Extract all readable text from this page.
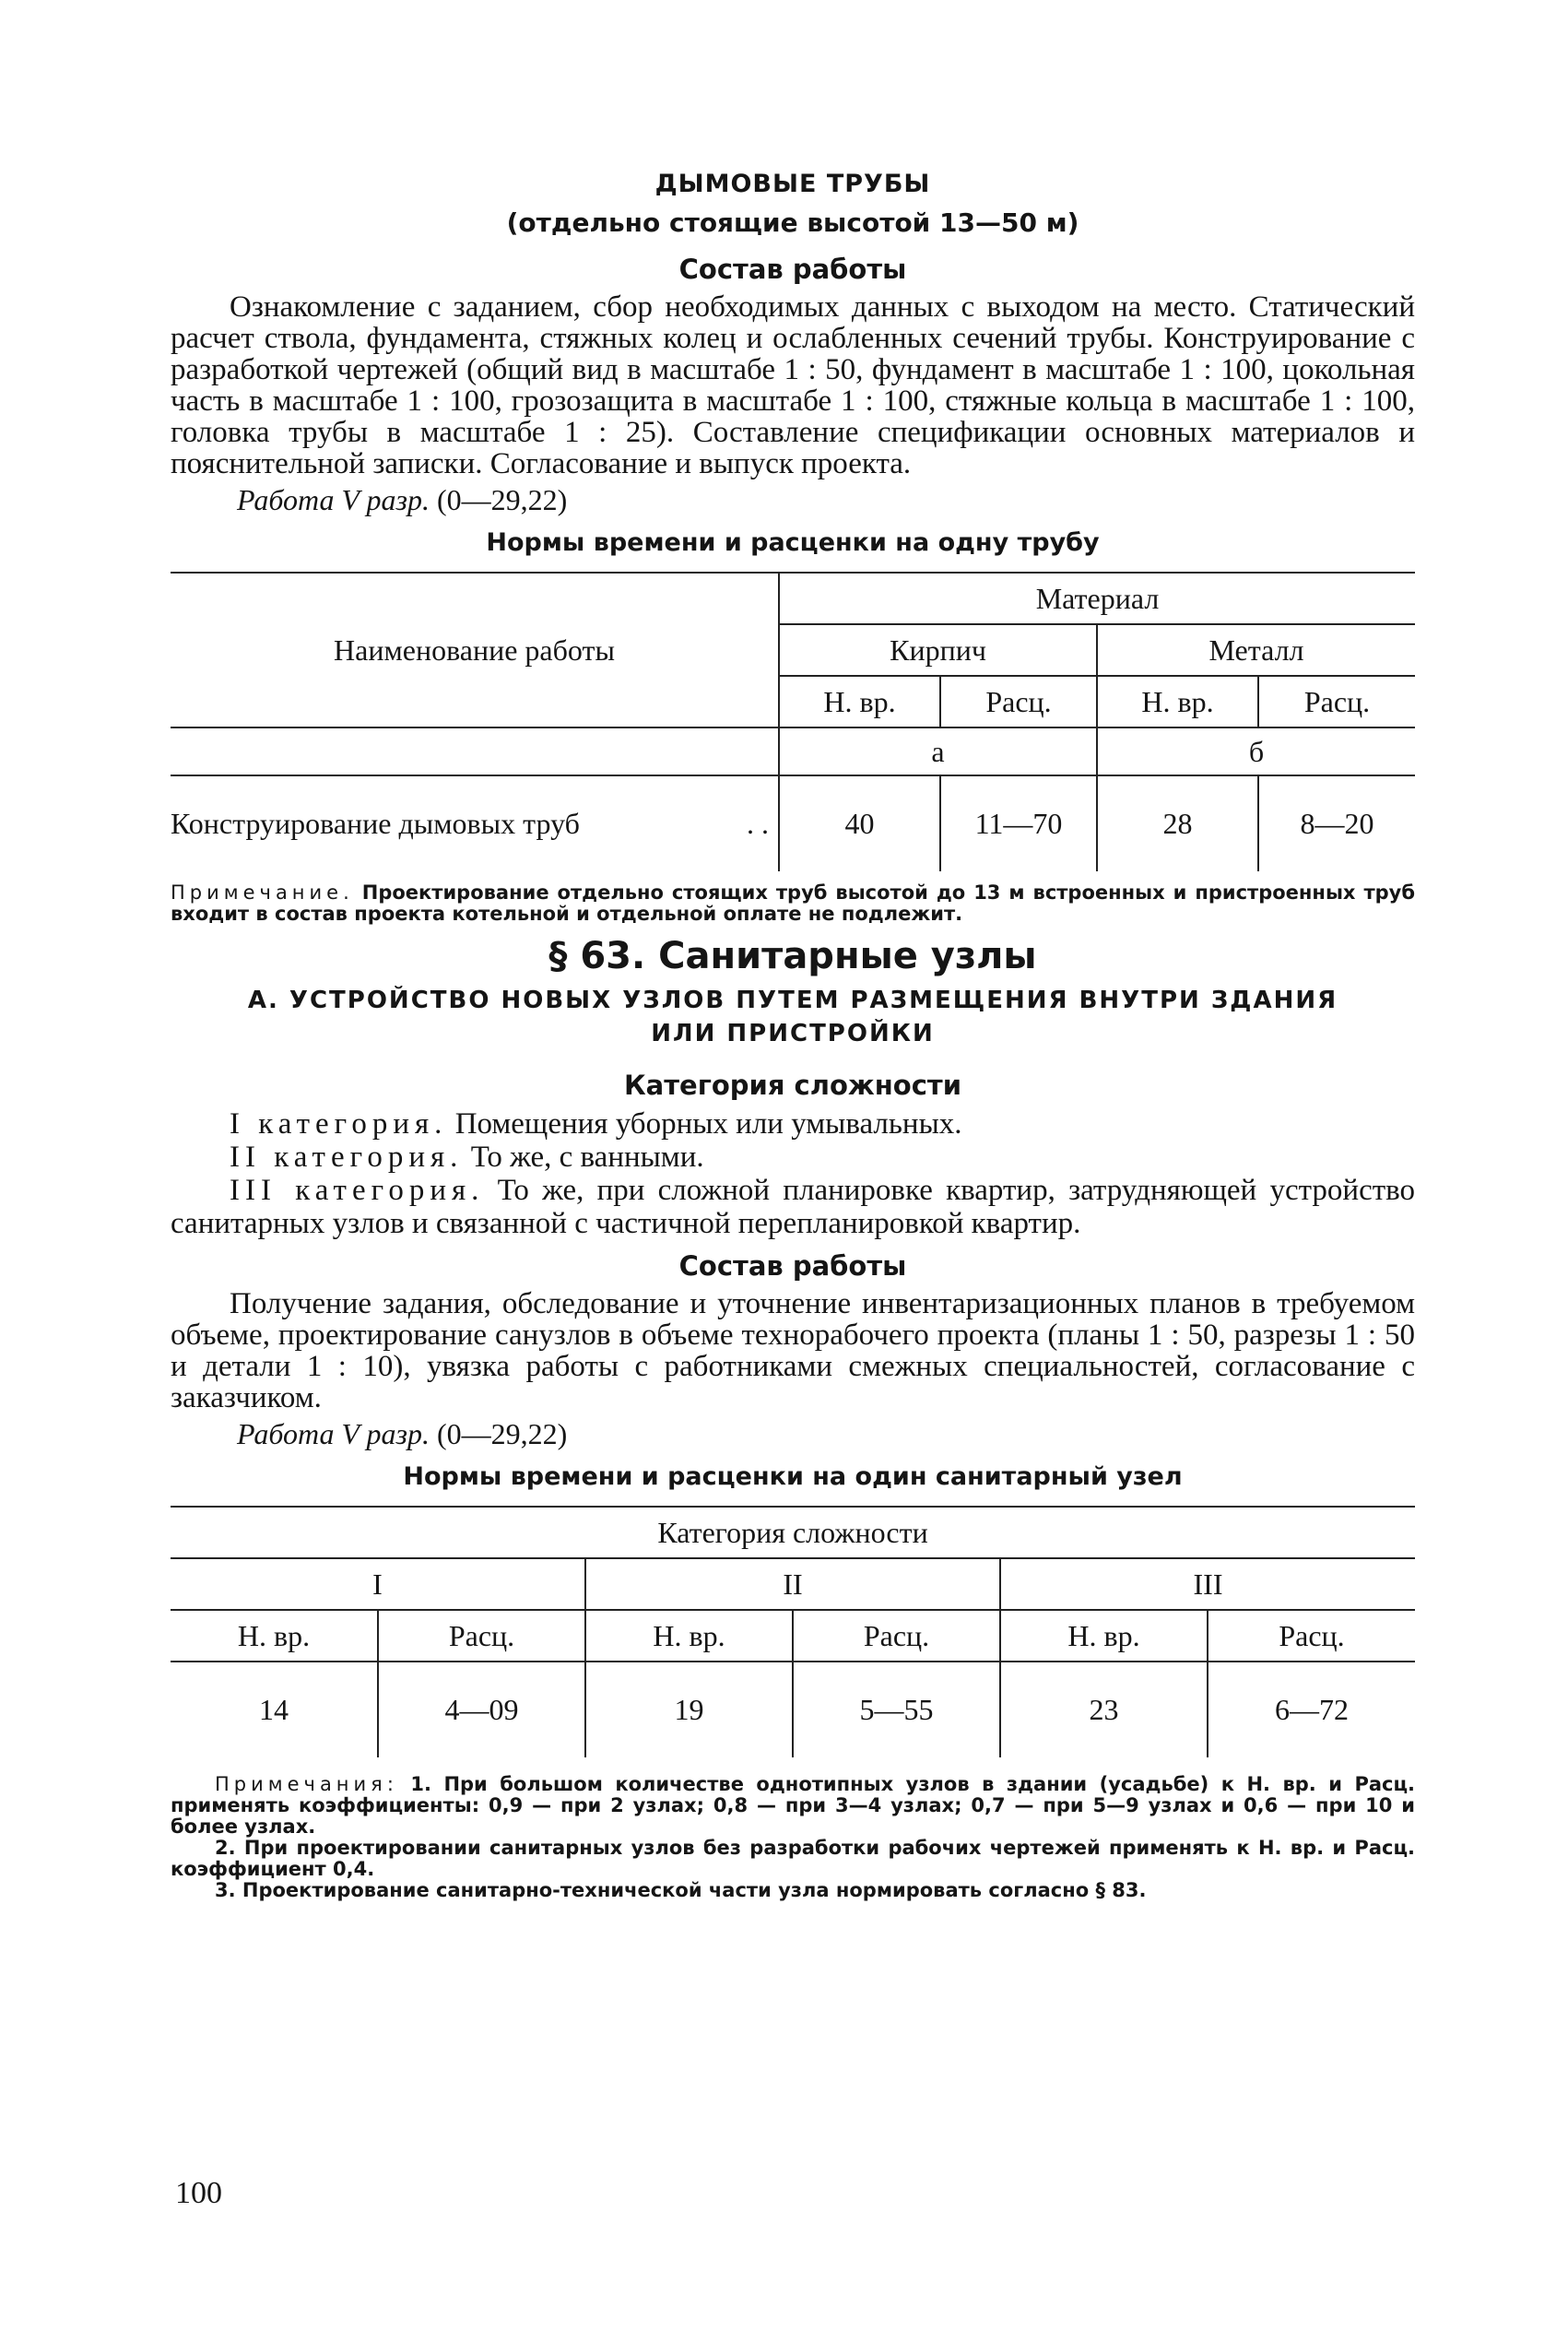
ДЫМОВЫЕ ТРУБЫ
(отдельно стоящие высотой 13—50 м)
Состав работы

Ознакомление с заданием, сбор необходимых данных с выходом на место. Статический расчет ствола, фундамента, стяжных колец и ослабленных сечений трубы. Конструирование с разработкой чертежей (общий вид в масштабе 1 : 50, фундамент в масштабе 1 : 100, цокольная часть в масштабе 1 : 100, грозозащита в масштабе 1 : 100, стяжные кольца в масштабе 1 : 100, головка трубы в масштабе 1 : 25). Составление спецификации основных материалов и пояснительной записки. Согласование и выпуск проекта.

Работа V разр. (0—29,22)
Нормы времени и расценки на одну трубу
Наименование работы	Материал			
	Кирпич		Металл	
	Н. вр.	Расц.	Н. вр.	Расц.
	а		б	
Конструирование дымовых труб . .	40	11—70	28	8—20
Примечание. Проектирование отдельно стоящих труб высотой до 13 м встроенных и пристроенных труб входит в состав проекта котельной и отдельной оплате не подлежит.
§ 63. Санитарные узлы
А. УСТРОЙСТВО НОВЫХ УЗЛОВ ПУТЕМ РАЗМЕЩЕНИЯ ВНУТРИ ЗДАНИЯ ИЛИ ПРИСТРОЙКИ
Категория сложности

I категория. Помещения уборных или умывальных.

II категория. То же, с ванными.

III категория. То же, при сложной планировке квартир, затрудняющей устройство санитарных узлов и связанной с частичной перепланировкой квартир.

Состав работы

Получение задания, обследование и уточнение инвентаризационных планов в требуемом объеме, проектирование санузлов в объеме технорабочего проекта (планы 1 : 50, разрезы 1 : 50 и детали 1 : 10), увязка работы с работниками смежных специальностей, согласование с заказчиком.

Работа V разр. (0—29,22)
Нормы времени и расценки на один санитарный узел
Категория сложности					
I		II		III	
Н. вр.	Расц.	Н. вр.	Расц.	Н. вр.	Расц.
14	4—09	19	5—55	23	6—72
Примечания: 1. При большом количестве однотипных узлов в здании (усадьбе) к Н. вр. и Расц. применять коэффициенты: 0,9 — при 2 узлах; 0,8 — при 3—4 узлах; 0,7 — при 5—9 узлах и 0,6 — при 10 и более узлах.
2. При проектировании санитарных узлов без разработки рабочих чертежей применять к Н. вр. и Расц. коэффициент 0,4.
3. Проектирование санитарно-технической части узла нормировать согласно § 83.
100
